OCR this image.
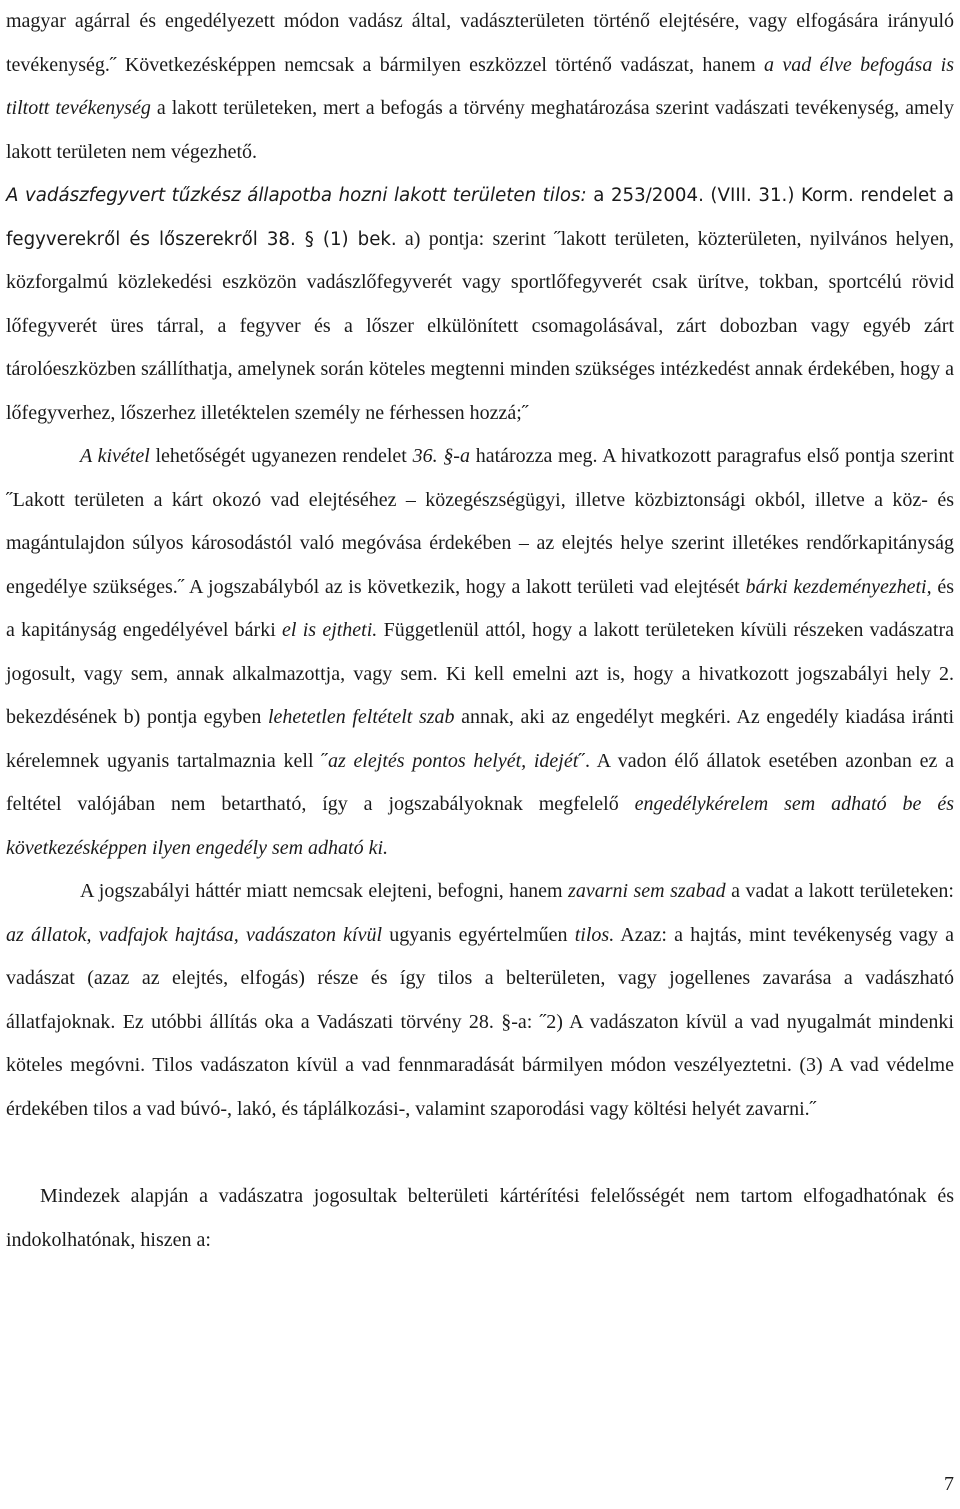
magyar agárral és engedélyezett módon vadász által, vadászterületen történő elejtésére, vagy elfogására irányuló tevékenység.˝ Következésképpen nemcsak a bármilyen eszközzel történő vadászat, hanem a vad élve befogása is tiltott tevékenység a lakott területeken, mert a befogás a törvény meghatározása szerint vadászati tevékenység, amely lakott területen nem végezhető.
A vadászfegyvert tűzkész állapotba hozni lakott területen tilos: a 253/2004. (VIII. 31.) Korm. rendelet a fegyverekről és lőszerekről 38. § (1) bek. a) pontja: szerint ˝lakott területen, közterületen, nyilvános helyen, közforgalmú közlekedési eszközön vadászlőfegyverét vagy sportlőfegyverét csak ürítve, tokban, sportcélú rövid lőfegyverét üres tárral, a fegyver és a lőszer elkülönített csomagolásával, zárt dobozban vagy egyéb zárt tárolóeszközben szállíthatja, amelynek során köteles megtenni minden szükséges intézkedést annak érdekében, hogy a lőfegyverhez, lőszerhez illetéktelen személy ne férhessen hozzá;˝

A kivétel lehetőségét ugyanezen rendelet 36. §-a határozza meg. A hivatkozott paragrafus első pontja szerint ˝Lakott területen a kárt okozó vad elejtéséhez – közegészségügyi, illetve közbiztonsági okból, illetve a köz- és magántulajdon súlyos károsodástól való megóvása érdekében – az elejtés helye szerint illetékes rendőrkapitányság engedélye szükséges.˝ A jogszabályból az is következik, hogy a lakott területi vad elejtését bárki kezdeményezheti, és a kapitányság engedélyével bárki el is ejtheti. Függetlenül attól, hogy a lakott területeken kívüli részeken vadászatra jogosult, vagy sem, annak alkalmazottja, vagy sem. Ki kell emelni azt is, hogy a hivatkozott jogszabályi hely 2. bekezdésének b) pontja egyben lehetetlen feltételt szab annak, aki az engedélyt megkéri. Az engedély kiadása iránti kérelemnek ugyanis tartalmaznia kell ˝az elejtés pontos helyét, idejét˝. A vadon élő állatok esetében azonban ez a feltétel valójában nem betartható, így a jogszabályoknak megfelelő engedélykérelem sem adható be és következésképpen ilyen engedély sem adható ki.

A jogszabályi háttér miatt nemcsak elejteni, befogni, hanem zavarni sem szabad a vadat a lakott területeken: az állatok, vadfajok hajtása, vadászaton kívül ugyanis egyértelműen tilos. Azaz: a hajtás, mint tevékenység vagy a vadászat (azaz az elejtés, elfogás) része és így tilos a belterületen, vagy jogellenes zavarása a vadászható állatfajoknak. Ez utóbbi állítás oka a Vadászati törvény 28. §-a: ˝2) A vadászaton kívül a vad nyugalmát mindenki köteles megóvni. Tilos vadászaton kívül a vad fennmaradását bármilyen módon veszélyeztetni. (3) A vad védelme érdekében tilos a vad búvó-, lakó, és táplálkozási-, valamint szaporodási vagy költési helyét zavarni.˝

Mindezek alapján a vadászatra jogosultak belterületi kártérítési felelősségét nem tartom elfogadhatónak és indokolhatónak, hiszen a:

7
